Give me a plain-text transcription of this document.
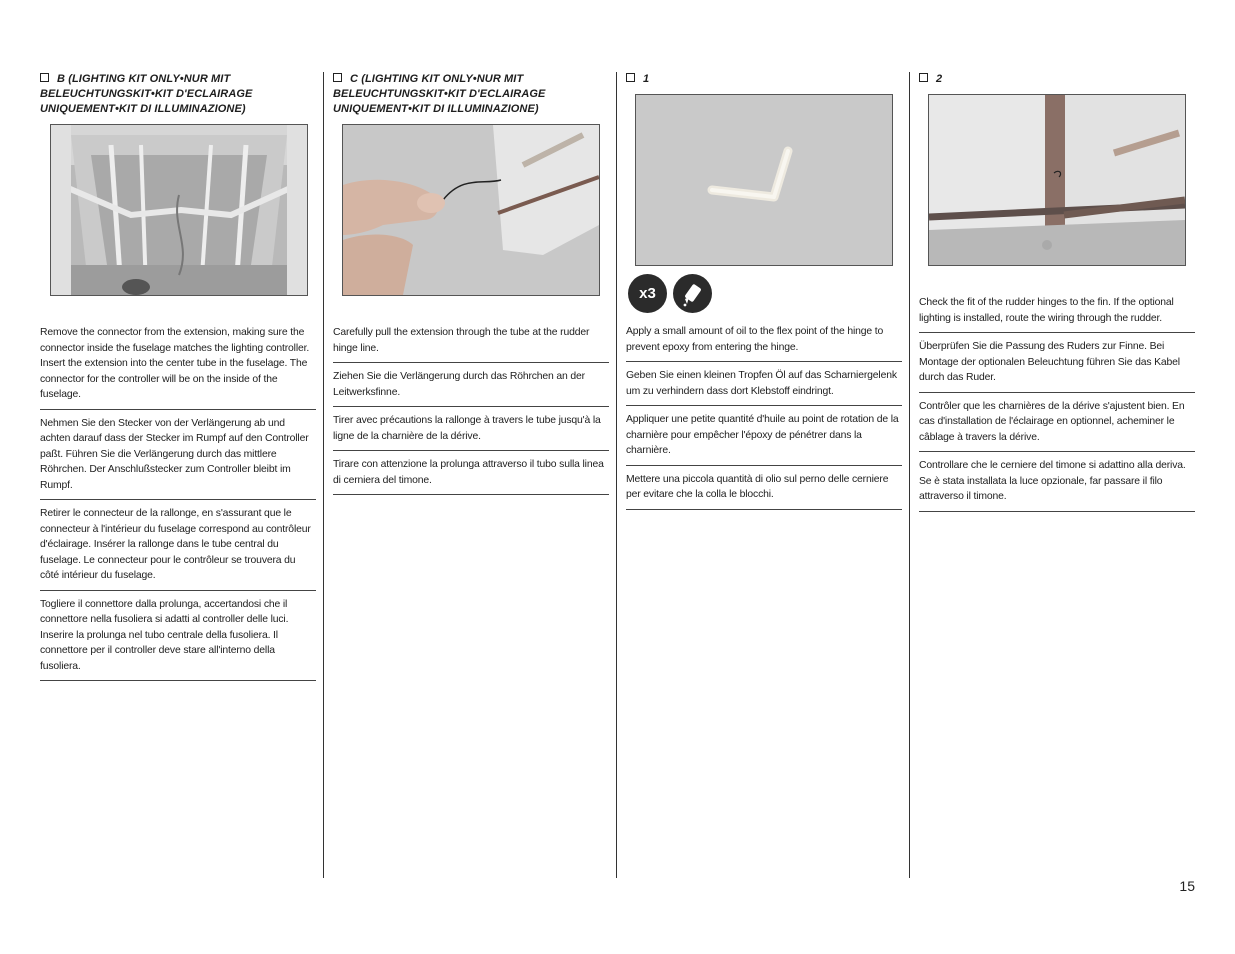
B (LIGHTING KIT ONLY•NUR MIT BELEUCHTUNGSKIT•KIT D'ECLAIRAGE UNIQUEMENT•KIT DI ILLUMINAZIONE)
Remove the connector from the extension, making sure the connector inside the fuselage matches the lighting controller. Insert the extension into the center tube in the fuselage. The connector for the controller will be on the inside of the fuselage.
Nehmen Sie den Stecker von der Verlängerung ab und achten darauf dass der Stecker im Rumpf auf den Controller paßt. Führen Sie die Verlängerung durch das mittlere Röhrchen. Der Anschlußstecker zum Controller bleibt im Rumpf.
Retirer le connecteur de la rallonge, en s'assurant que le connecteur à l'intérieur du fuselage correspond au contrôleur d'éclairage. Insérer la rallonge dans le tube central du fuselage. Le connecteur pour le contrôleur se trouvera du côté intérieur du fuselage.
Togliere il connettore dalla prolunga, accertandosi che il connettore nella fusoliera si adatti al controller delle luci. Inserire la prolunga nel tubo centrale della fusoliera. Il connettore per il controller deve stare all'interno della fusoliera.
C (LIGHTING KIT ONLY•NUR MIT BELEUCHTUNGSKIT•KIT D'ECLAIRAGE UNIQUEMENT•KIT DI ILLUMINAZIONE)
Carefully pull the extension through the tube at the rudder hinge line.
Ziehen Sie die Verlängerung durch das Röhrchen an der Leitwerksfinne.
Tirer avec précautions la rallonge à travers le tube jusqu'à la ligne de la charnière de la dérive.
Tirare con attenzione la prolunga attraverso il tubo sulla linea di cerniera del timone.
1
x3
Apply a small amount of oil to the flex point of the hinge to prevent epoxy from entering the hinge.
Geben Sie einen kleinen Tropfen Öl auf das Scharniergelenk um zu verhindern dass dort Klebstoff eindringt.
Appliquer une petite quantité d'huile au point de rotation de la charnière pour empêcher l'époxy de pénétrer dans la charnière.
Mettere una piccola quantità di olio sul perno delle cerniere per evitare che la colla le blocchi.
2
Check the fit of the rudder hinges to the fin. If the optional lighting is installed, route the wiring through the rudder.
Überprüfen Sie die Passung des Ruders zur Finne. Bei Montage der optionalen Beleuchtung führen Sie das Kabel durch das Ruder.
Contrôler que les charnières de la dérive s'ajustent bien. En cas d'installation de l'éclairage en optionnel, acheminer le câblage à travers la dérive.
Controllare che le cerniere del timone si adattino alla deriva. Se è stata installata la luce opzionale, far passare il filo attraverso il timone.
15
